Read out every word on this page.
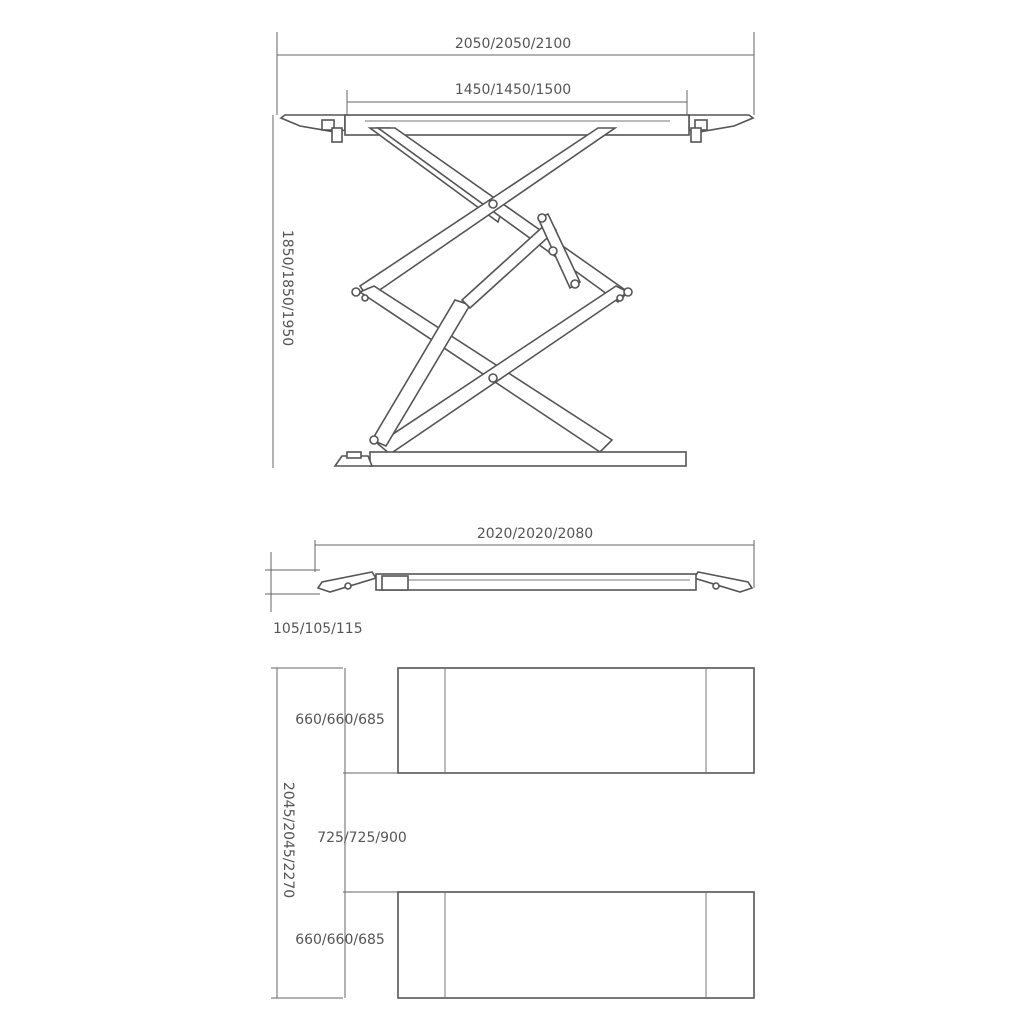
2050/2050/2100
1450/1450/1500
1850/1850/1950
2020/2020/2080
105/105/115
2045/2045/2270
660/660/685
725/725/900
660/660/685
